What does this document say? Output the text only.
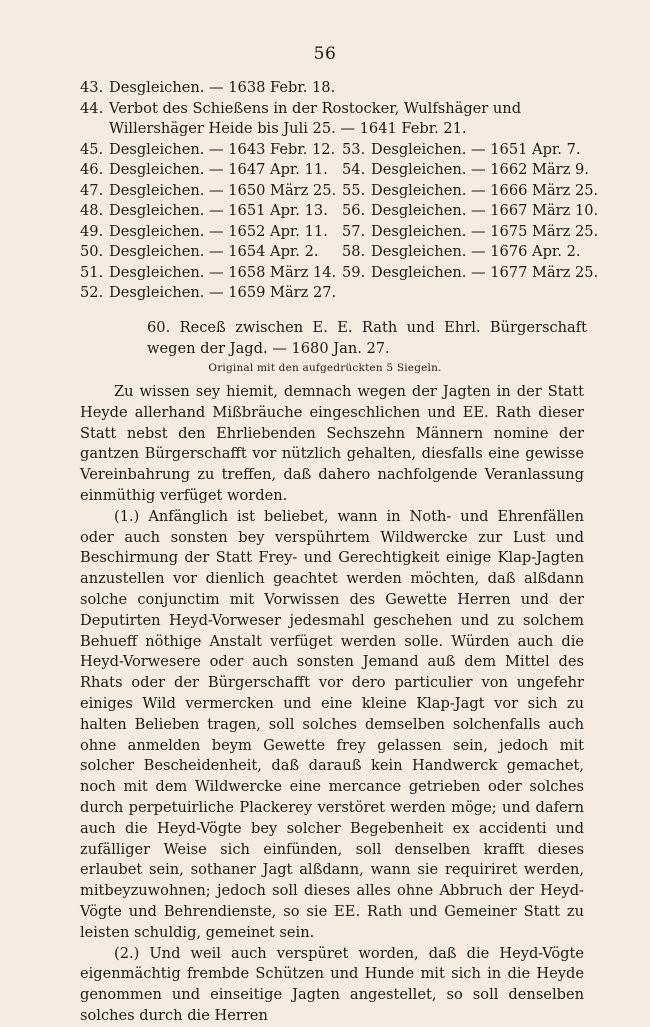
56
43. Desgleichen. — 1638 Febr. 18.
44. Verbot des Schießens in der Rostocker, Wulfshäger und Willershäger Heide bis Juli 25. — 1641 Febr. 21.
45. Desgleichen. — 1643 Febr. 12.
46. Desgleichen. — 1647 Apr. 11.
47. Desgleichen. — 1650 März 25.
48. Desgleichen. — 1651 Apr. 13.
49. Desgleichen. — 1652 Apr. 11.
50. Desgleichen. — 1654 Apr. 2.
51. Desgleichen. — 1658 März 14.
52. Desgleichen. — 1659 März 27.
53. Desgleichen. — 1651 Apr. 7.
54. Desgleichen. — 1662 März 9.
55. Desgleichen. — 1666 März 25.
56. Desgleichen. — 1667 März 10.
57. Desgleichen. — 1675 März 25.
58. Desgleichen. — 1676 Apr. 2.
59. Desgleichen. — 1677 März 25.
60. Receß zwischen E. E. Rath und Ehrl. Bürgerschaft wegen der Jagd. — 1680 Jan. 27.
Original mit den aufgedrückten 5 Siegeln.

Zu wissen sey hiemit, demnach wegen der Jagten in der Statt Heyde allerhand Mißbräuche eingeschlichen und EE. Rath dieser Statt nebst den Ehrliebenden Sechszehn Männern nomine der gantzen Bürgerschafft vor nützlich gehalten, diesfalls eine gewisse Vereinbahrung zu treffen, daß dahero nachfolgende Veranlassung einmüthig verfüget worden.

(1.) Anfänglich ist beliebet, wann in Noth- und Ehrenfällen oder auch sonsten bey verspührtem Wildwercke zur Lust und Beschirmung der Statt Frey- und Gerechtigkeit einige Klap-Jagten anzustellen vor dienlich geachtet werden möchten, daß alßdann solche conjunctim mit Vorwissen des Gewette Herren und der Deputirten Heyd-Vorweser jedesmahl geschehen und zu solchem Behueff nöthige Anstalt verfüget werden solle. Würden auch die Heyd-Vorwesere oder auch sonsten Jemand auß dem Mittel des Rhats oder der Bürgerschafft vor dero particulier von ungefehr einiges Wild vermercken und eine kleine Klap-Jagt vor sich zu halten Belieben tragen, soll solches demselben solchenfalls auch ohne anmelden beym Gewette frey gelassen sein, jedoch mit solcher Bescheidenheit, daß darauß kein Handwerck gemachet, noch mit dem Wildwercke eine mercance getrieben oder solches durch perpetuirliche Plackerey verstöret werden möge; und dafern auch die Heyd-Vögte bey solcher Begebenheit ex accidenti und zufälliger Weise sich einfünden, soll denselben krafft dieses erlaubet sein, sothaner Jagt alßdann, wann sie requiriret werden, mitbeyzuwohnen; jedoch soll dieses alles ohne Abbruch der Heyd-Vögte und Behrendienste, so sie EE. Rath und Gemeiner Statt zu leisten schuldig, gemeinet sein.

(2.) Und weil auch verspüret worden, daß die Heyd-Vögte eigenmächtig frembde Schützen und Hunde mit sich in die Heyde genommen und einseitige Jagten angestellet, so soll denselben solches durch die Herren
